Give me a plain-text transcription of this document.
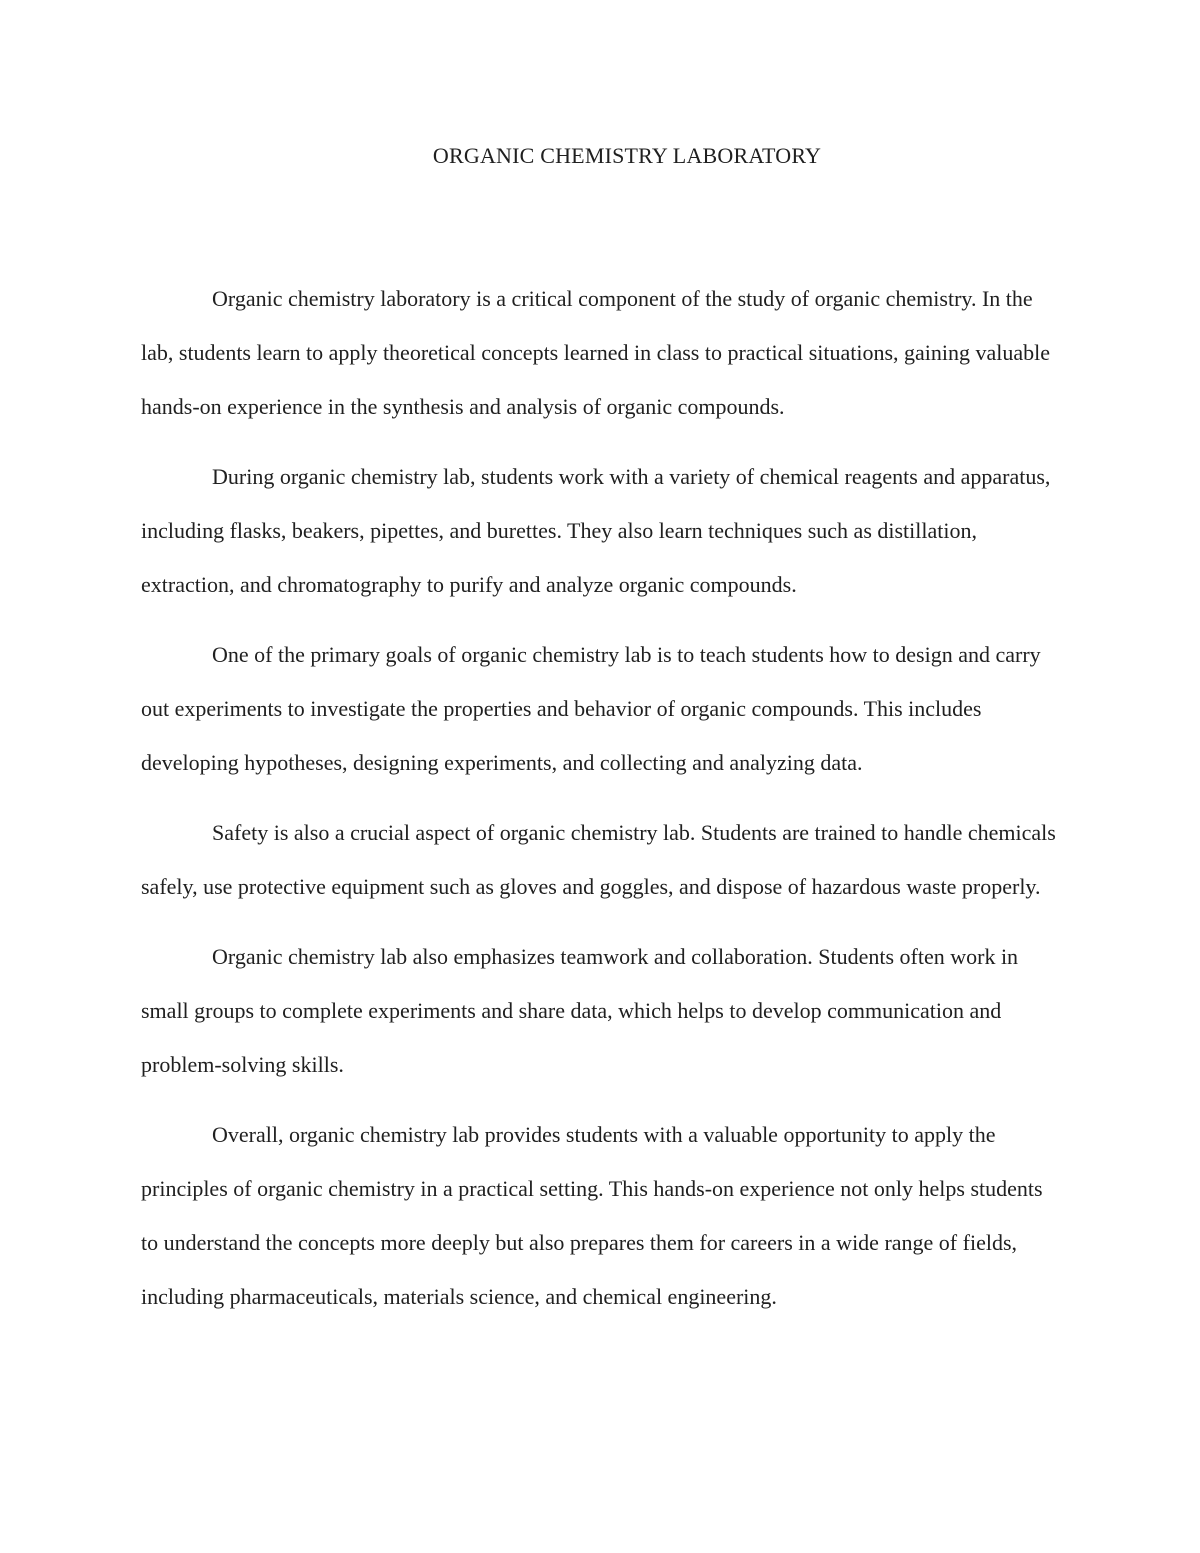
ORGANIC CHEMISTRY LABORATORY

Organic chemistry laboratory is a critical component of the study of organic chemistry. In the lab, students learn to apply theoretical concepts learned in class to practical situations, gaining valuable hands-on experience in the synthesis and analysis of organic compounds.

During organic chemistry lab, students work with a variety of chemical reagents and apparatus, including flasks, beakers, pipettes, and burettes. They also learn techniques such as distillation, extraction, and chromatography to purify and analyze organic compounds.

One of the primary goals of organic chemistry lab is to teach students how to design and carry out experiments to investigate the properties and behavior of organic compounds. This includes developing hypotheses, designing experiments, and collecting and analyzing data.

Safety is also a crucial aspect of organic chemistry lab. Students are trained to handle chemicals safely, use protective equipment such as gloves and goggles, and dispose of hazardous waste properly.

Organic chemistry lab also emphasizes teamwork and collaboration. Students often work in small groups to complete experiments and share data, which helps to develop communication and problem-solving skills.

Overall, organic chemistry lab provides students with a valuable opportunity to apply the principles of organic chemistry in a practical setting. This hands-on experience not only helps students to understand the concepts more deeply but also prepares them for careers in a wide range of fields, including pharmaceuticals, materials science, and chemical engineering.
